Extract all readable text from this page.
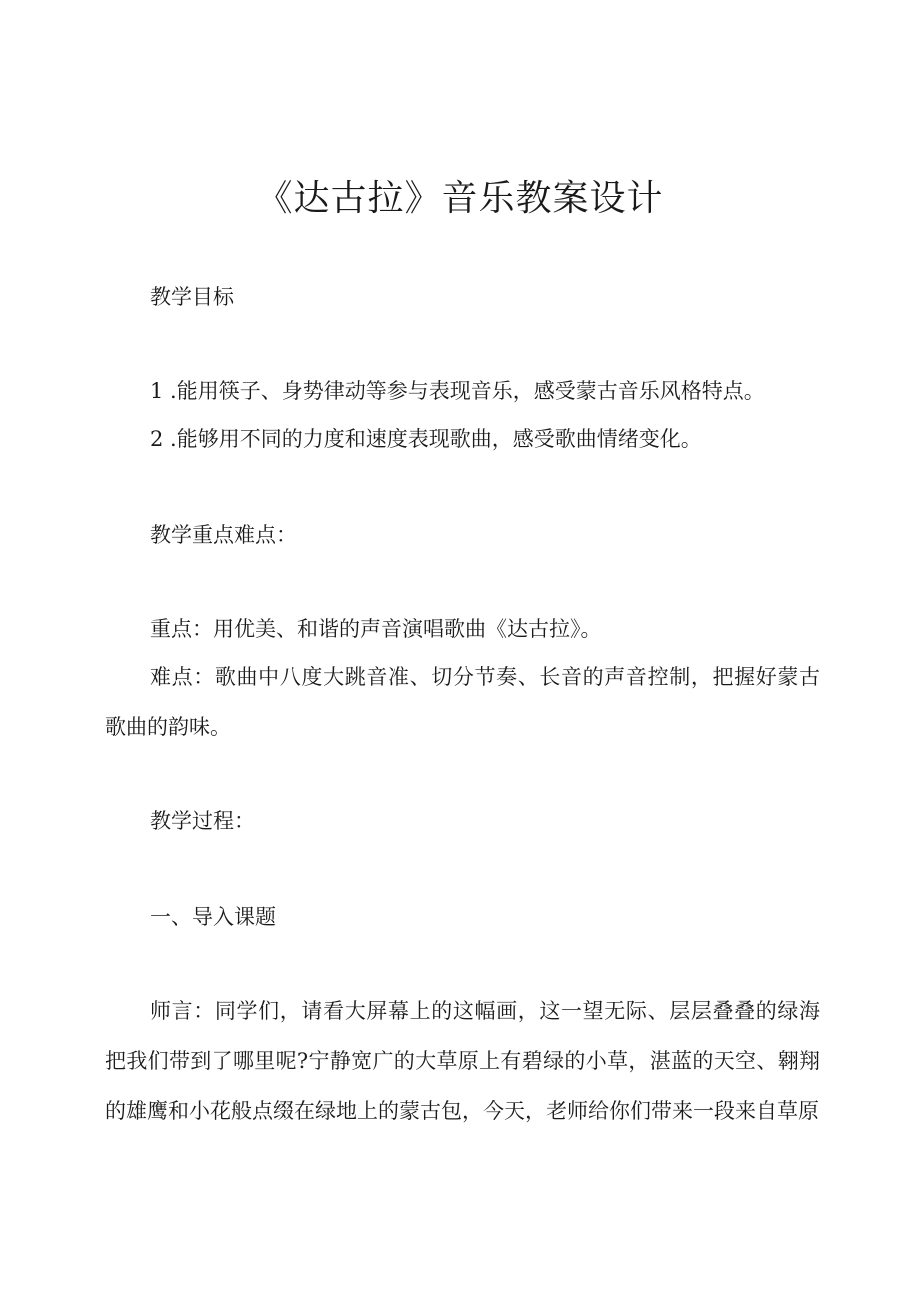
《达古拉》音乐教案设计

教学目标

1 .能用筷子、身势律动等参与表现音乐，感受蒙古音乐风格特点。

2 .能够用不同的力度和速度表现歌曲，感受歌曲情绪变化。

教学重点难点：

重点：用优美、和谐的声音演唱歌曲《达古拉》。

难点：歌曲中八度大跳音准、切分节奏、长音的声音控制，把握好蒙古歌曲的韵味。

教学过程：

一、导入课题

师言：同学们，请看大屏幕上的这幅画，这一望无际、层层叠叠的绿海把我们带到了哪里呢?宁静宽广的大草原上有碧绿的小草，湛蓝的天空、翱翔的雄鹰和小花般点缀在绿地上的蒙古包，今天，老师给你们带来一段来自草原
